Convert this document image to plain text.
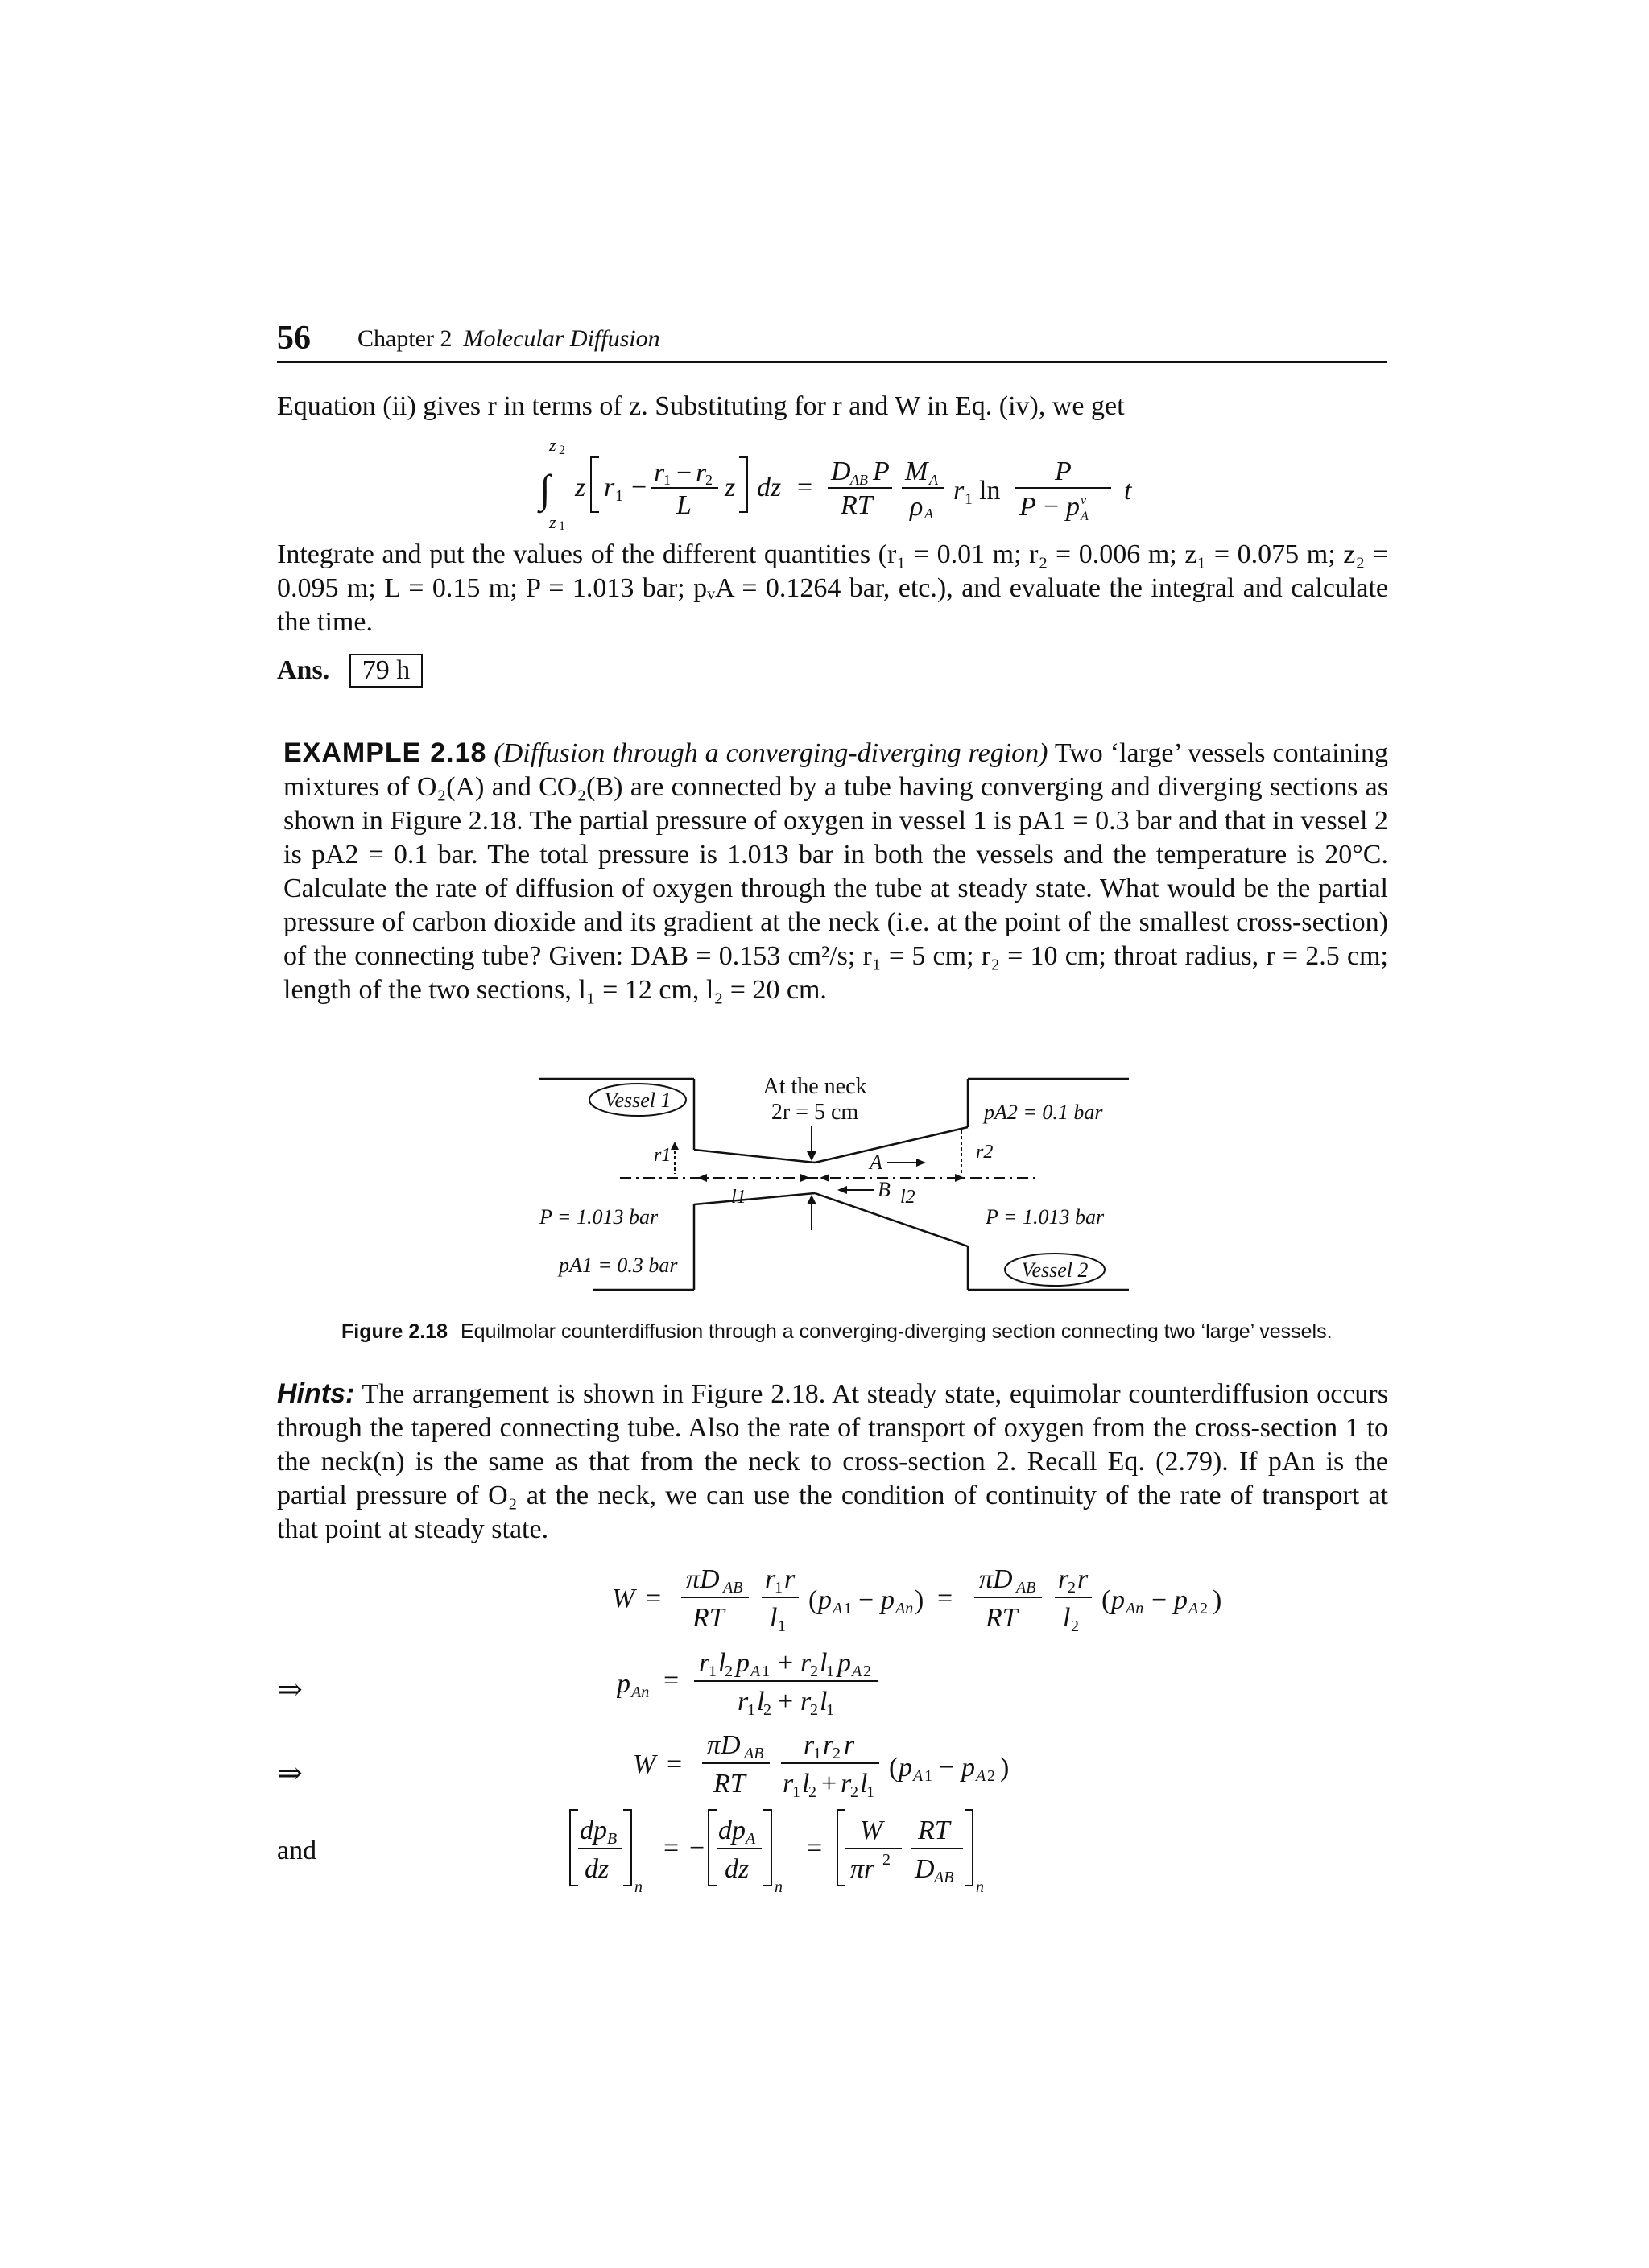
56 Chapter 2 Molecular Diffusion
Equation (ii) gives r in terms of z. Substituting for r and W in Eq. (iv), we get
z 2
∫
z 1
z r 1 − r
1 − r
2
L
z dz =
D AB P
RT
M A
ρ A
r 1 ln
P
P − p v
A
t
Integrate and put the values of the different quantities (r₁ = 0.01 m; r₂ = 0.006 m; z₁ = 0.075 m; z₂ = 0.095 m; L = 0.15 m; P = 1.013 bar; pᵥA = 0.1264 bar, etc.), and evaluate the integral and calculate the time.
Ans. 79 h
EXAMPLE 2.18 (Diffusion through a converging-diverging region) Two ‘large’ vessels containing mixtures of O₂(A) and CO₂(B) are connected by a tube having converging and diverging sections as shown in Figure 2.18. The partial pressure of oxygen in vessel 1 is pA1 = 0.3 bar and that in vessel 2 is pA2 = 0.1 bar. The total pressure is 1.013 bar in both the vessels and the temperature is 20°C. Calculate the rate of diffusion of oxygen through the tube at steady state. What would be the partial pressure of carbon dioxide and its gradient at the neck (i.e. at the point of the smallest cross-section) of the connecting tube? Given: DAB = 0.153 cm²/s; r₁ = 5 cm; r₂ = 10 cm; throat radius, r = 2.5 cm; length of the two sections, l₁ = 12 cm, l₂ = 20 cm.
Vessel 1
Vessel 2
At the neck
2r = 5 cm	pA2 = 0.1 bar
P = 1.013 bar	P = 1.013 bar
pA1 = 0.3 bar
r1	r2
l1	l2
A
B
Figure 2.18 Equilmolar counterdiffusion through a converging-diverging section connecting two ‘large’ vessels.
Hints: The arrangement is shown in Figure 2.18. At steady state, equimolar counterdiffusion occurs through the tapered connecting tube. Also the rate of transport of oxygen from the cross-section 1 to the neck(n) is the same as that from the neck to cross-section 2. Recall Eq. (2.79). If pAn is the partial pressure of O₂ at the neck, we can use the condition of continuity of the rate of transport at that point at steady state.
W =
πD AB
RT
r
1 r
l 1
( p A 1 − p An ) =
πD AB
RT
r
2 r
l 2
( p An − p A 2 )
⇒	p An =
r
1 l
2 p A 1 + r
2 l
1 p A 2
r
1 l
2 + r
2 l
1
⇒	W =
πD AB
RT
r
1 r
2 r
r
1 l
2 + r
2 l
1
( p A 1 − p A 2 )
and
dp B
dz
n
= −
dp A
dz
n
=
W
πr 2
RT
D AB
n
